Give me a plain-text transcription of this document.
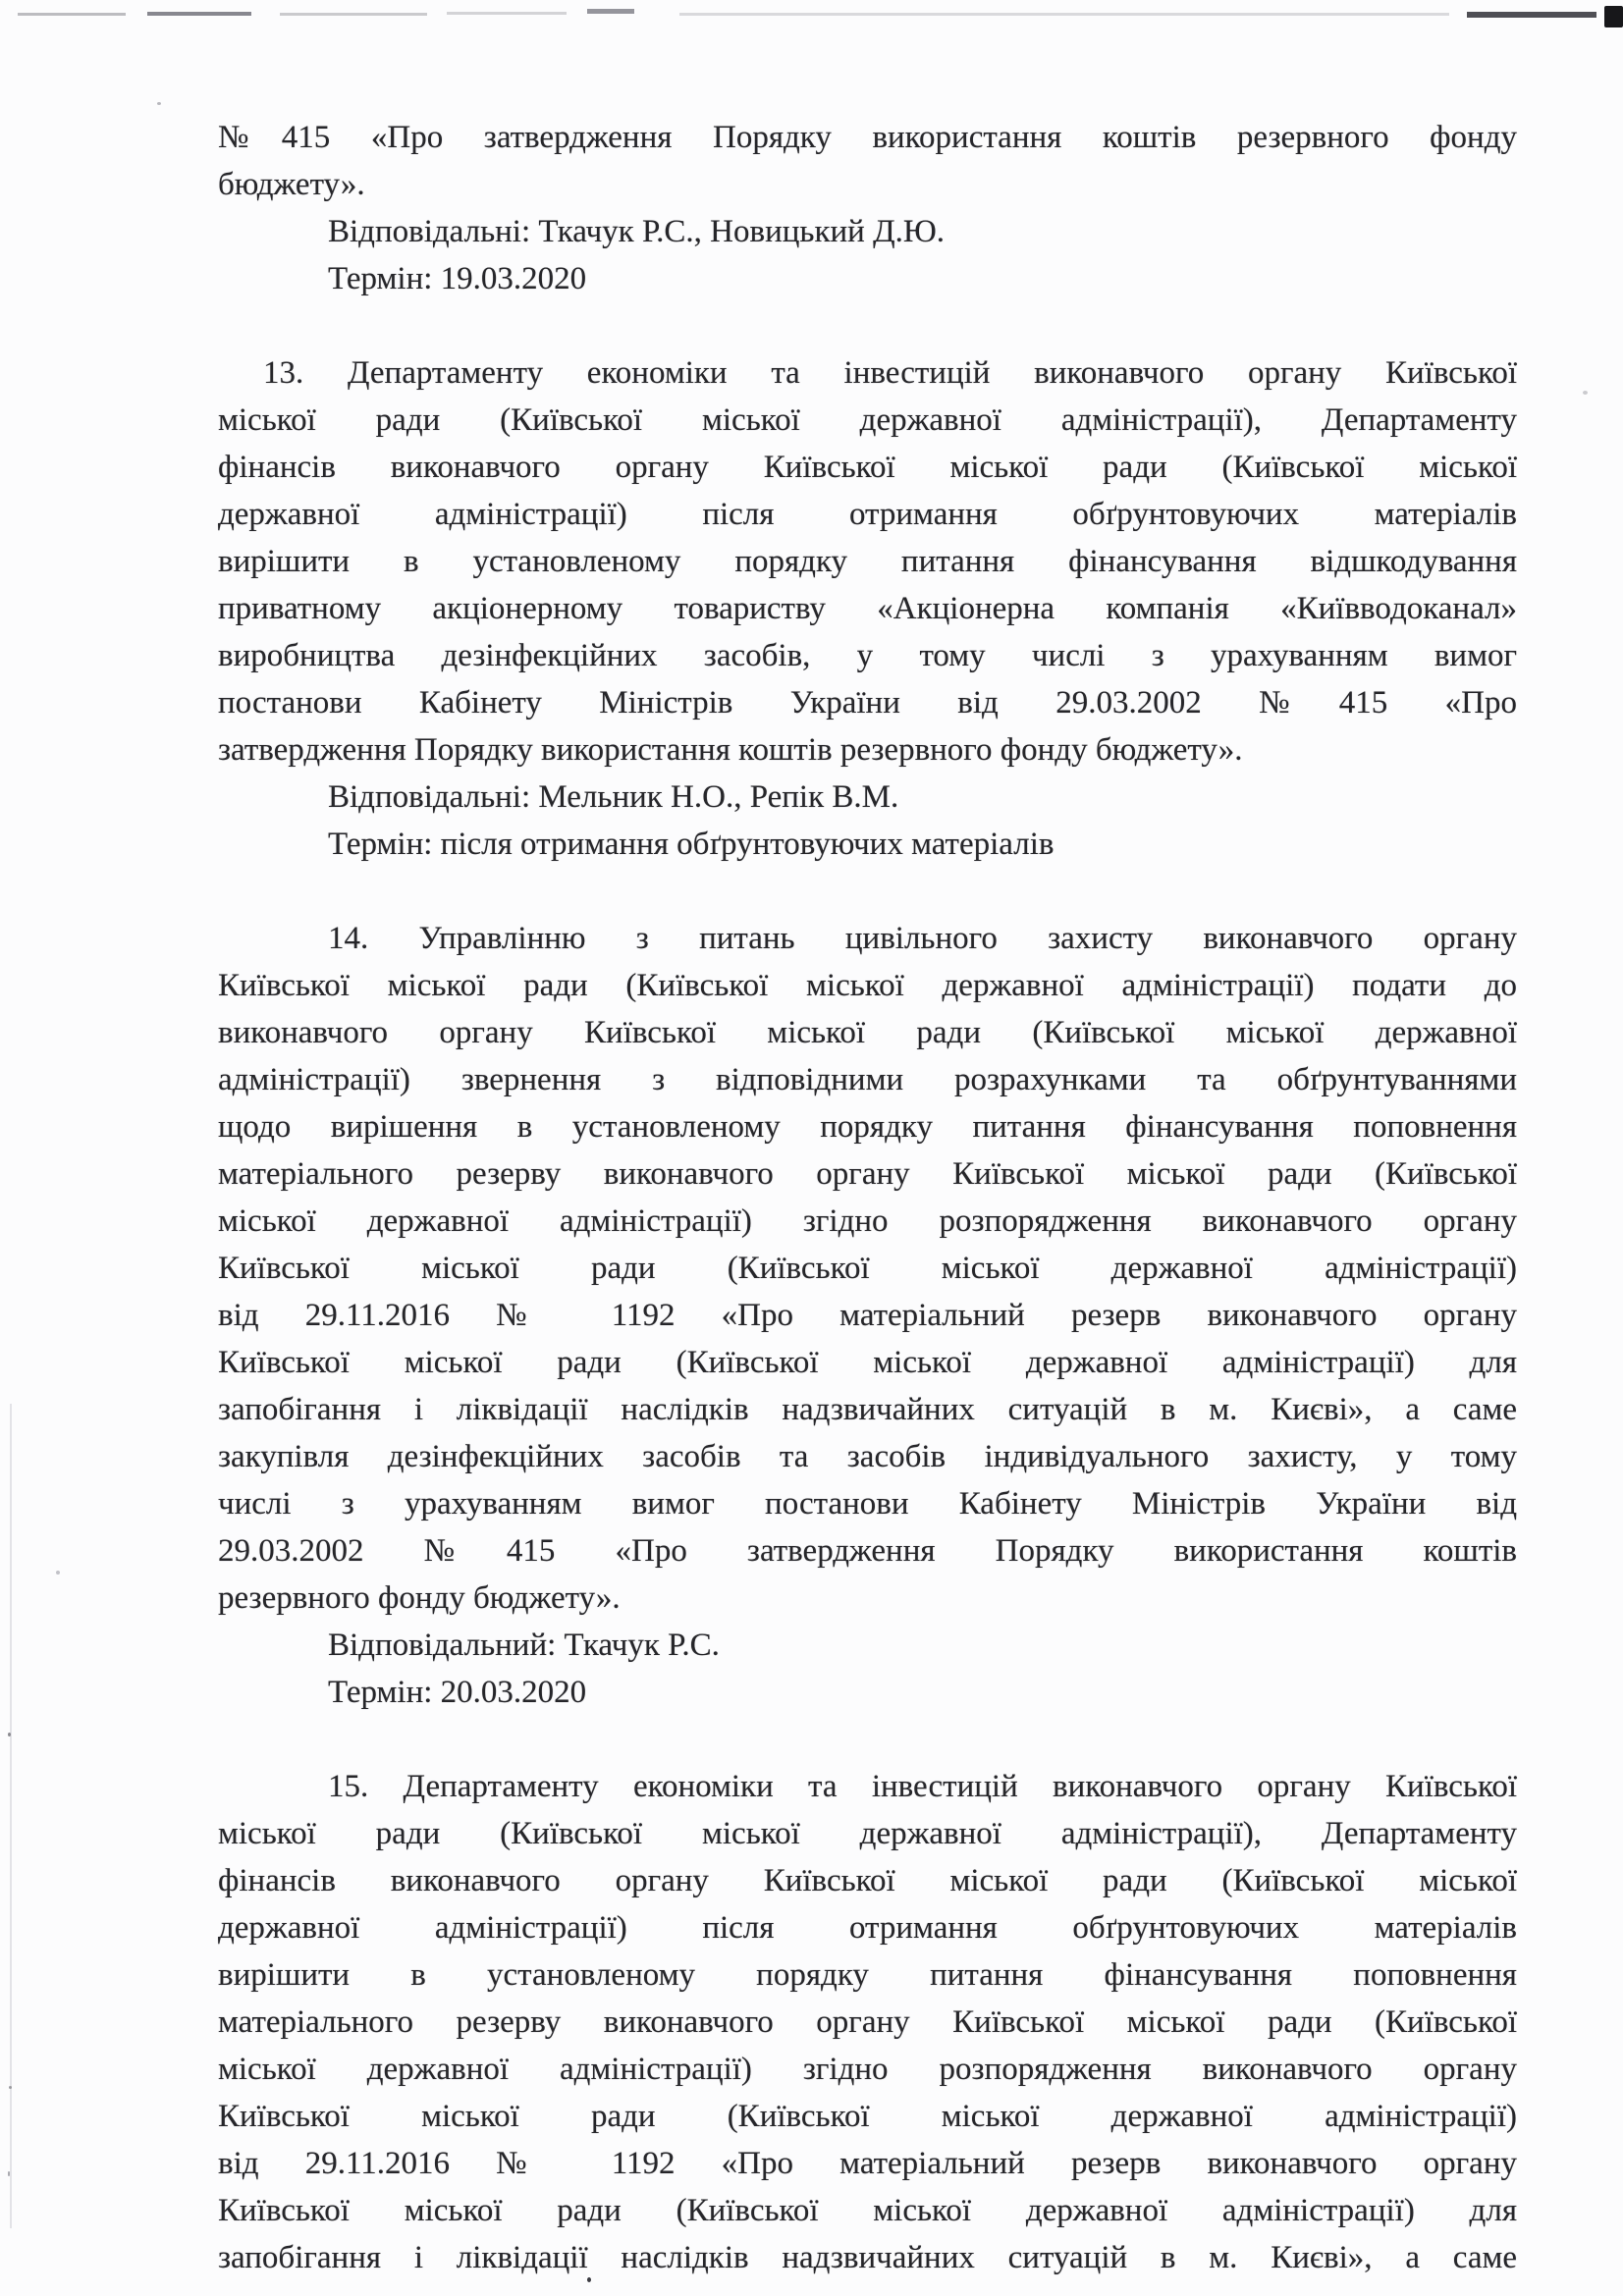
№415 «Про затвердження Порядку використання коштів резервного фонду
бюджету».
Відповідальні: Ткачук Р.С., Новицький Д.Ю.
Термін: 19.03.2020
13. Департаменту економіки та інвестицій виконавчого органу Київської
міської ради (Київської міської державної адміністрації), Департаменту
фінансів виконавчого органу Київської міської ради (Київської міської
державної адміністрації) після отримання обґрунтовуючих матеріалів
вирішити в установленому порядку питання фінансування відшкодування
приватному акціонерному товариству «Акціонерна компанія «Київводоканал»
виробництва дезінфекційних засобів, у тому числі з урахуванням вимог
постанови Кабінету Міністрів України від 29.03.2002 №415 «Про
затвердження Порядку використання коштів резервного фонду бюджету».
Відповідальні: Мельник Н.О., Репік В.М.
Термін: після отримання обґрунтовуючих матеріалів
14. Управлінню з питань цивільного захисту виконавчого органу
Київської міської ради (Київської міської державної адміністрації) подати до
виконавчого органу Київської міської ради (Київської міської державної
адміністрації) звернення з відповідними розрахунками та обґрунтуваннями
щодо вирішення в установленому порядку питання фінансування поповнення
матеріального резерву виконавчого органу Київської міської ради (Київської
міської державної адміністрації) згідно розпорядження виконавчого органу
Київської міської ради (Київської міської державної адміністрації)
від 29.11.2016 № 1192 «Про матеріальний резерв виконавчого органу
Київської міської ради (Київської міської державної адміністрації) для
запобігання і ліквідації наслідків надзвичайних ситуацій в м. Києві», а саме
закупівля дезінфекційних засобів та засобів індивідуального захисту, у тому
числі з урахуванням вимог постанови Кабінету Міністрів України від
29.03.2002 №415 «Про затвердження Порядку використання коштів
резервного фонду бюджету».
Відповідальний: Ткачук Р.С.
Термін: 20.03.2020
15. Департаменту економіки та інвестицій виконавчого органу Київської
міської ради (Київської міської державної адміністрації), Департаменту
фінансів виконавчого органу Київської міської ради (Київської міської
державної адміністрації) після отримання обґрунтовуючих матеріалів
вирішити в установленому порядку питання фінансування поповнення
матеріального резерву виконавчого органу Київської міської ради (Київської
міської державної адміністрації) згідно розпорядження виконавчого органу
Київської міської ради (Київської міської державної адміністрації)
від 29.11.2016 № 1192 «Про матеріальний резерв виконавчого органу
Київської міської ради (Київської міської державної адміністрації) для
запобігання і ліквідації наслідків надзвичайних ситуацій в м. Києві», а саме
